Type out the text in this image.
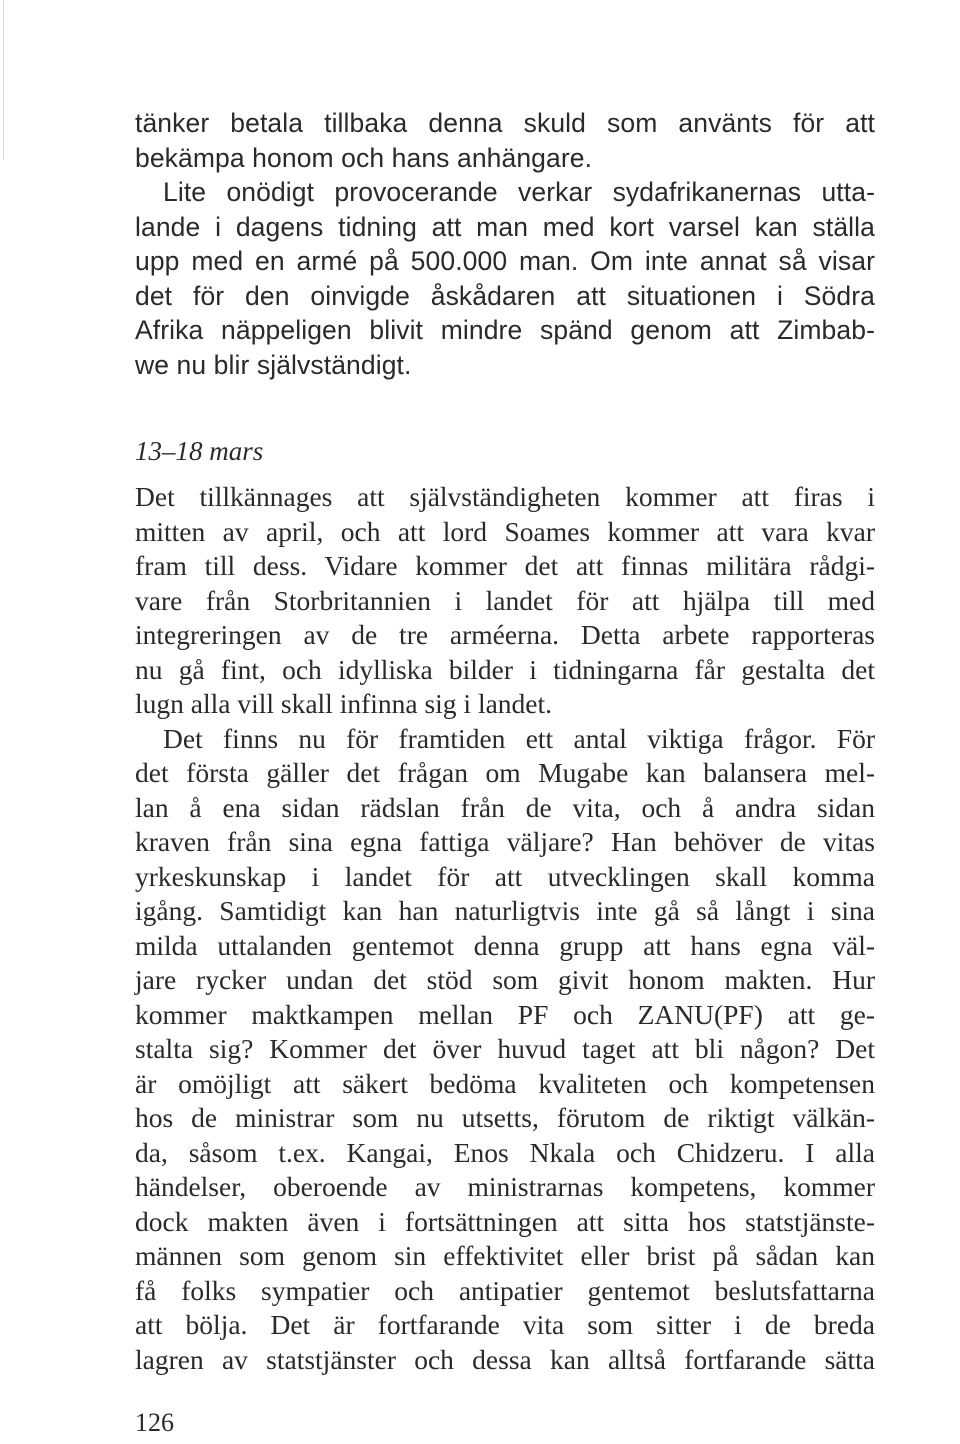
tänker betala tillbaka denna skuld som använts för att
bekämpa honom och hans anhängare.
Lite onödigt provocerande verkar sydafrikanernas utta-
lande i dagens tidning att man med kort varsel kan ställa
upp med en armé på 500.000 man. Om inte annat så visar
det för den oinvigde åskådaren att situationen i Södra
Afrika näppeligen blivit mindre spänd genom att Zimbab-
we nu blir självständigt.
13–18 mars
Det tillkännages att självständigheten kommer att firas i
mitten av april, och att lord Soames kommer att vara kvar
fram till dess. Vidare kommer det att finnas militära rådgi-
vare från Storbritannien i landet för att hjälpa till med
integreringen av de tre arméerna. Detta arbete rapporteras
nu gå fint, och idylliska bilder i tidningarna får gestalta det
lugn alla vill skall infinna sig i landet.
Det finns nu för framtiden ett antal viktiga frågor. För
det första gäller det frågan om Mugabe kan balansera mel-
lan å ena sidan rädslan från de vita, och å andra sidan
kraven från sina egna fattiga väljare? Han behöver de vitas
yrkeskunskap i landet för att utvecklingen skall komma
igång. Samtidigt kan han naturligtvis inte gå så långt i sina
milda uttalanden gentemot denna grupp att hans egna väl-
jare rycker undan det stöd som givit honom makten. Hur
kommer maktkampen mellan PF och ZANU(PF) att ge-
stalta sig? Kommer det över huvud taget att bli någon? Det
är omöjligt att säkert bedöma kvaliteten och kompetensen
hos de ministrar som nu utsetts, förutom de riktigt välkän-
da, såsom t.ex. Kangai, Enos Nkala och Chidzeru. I alla
händelser, oberoende av ministrarnas kompetens, kommer
dock makten även i fortsättningen att sitta hos statstjänste-
männen som genom sin effektivitet eller brist på sådan kan
få folks sympatier och antipatier gentemot beslutsfattarna
att bölja. Det är fortfarande vita som sitter i de breda
lagren av statstjänster och dessa kan alltså fortfarande sätta
126
